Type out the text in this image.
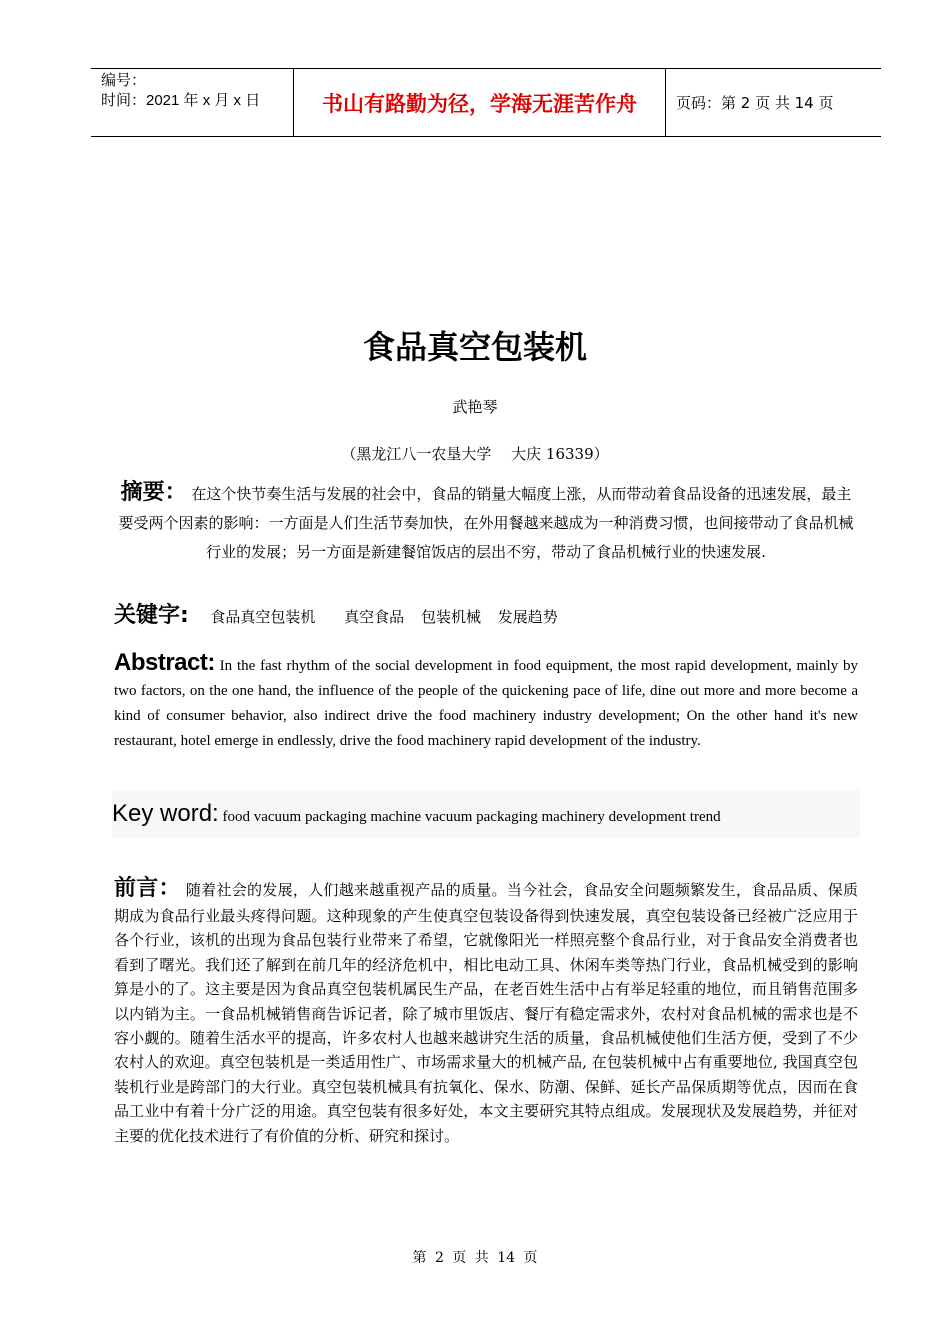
编号：
时间：2021 年 x 月 x 日	书山有路勤为径，学海无涯苦作舟	页码：第 2 页 共 14 页
食品真空包装机
武艳琴
（黑龙江八一农垦大学　 大庆 16339）
摘要： 在这个快节奏生活与发展的社会中，食品的销量大幅度上涨，从而带动着食品设备的迅速发展，最主要受两个因素的影响：一方面是人们生活节奏加快，在外用餐越来越成为一种消费习惯，也间接带动了食品机械行业的发展；另一方面是新建餐馆饭店的层出不穷，带动了食品机械行业的快速发展.
关键字: 食品真空包装机 真空食品 包装机械 发展趋势
Abstract: In the fast rhythm of the social development in food equipment, the most rapid development, mainly by two factors, on the one hand, the influence of the people of the quickening pace of life, dine out more and more become a kind of consumer behavior, also indirect drive the food machinery industry development; On the other hand it's new restaurant, hotel emerge in endlessly, drive the food machinery rapid development of the industry.
Key word: food vacuum packaging machine vacuum packaging machinery development trend
前言： 随着社会的发展，人们越来越重视产品的质量。当今社会，食品安全问题频繁发生，食品品质、保质期成为食品行业最头疼得问题。这种现象的产生使真空包装设备得到快速发展，真空包装设备已经被广泛应用于各个行业，该机的出现为食品包装行业带来了希望，它就像阳光一样照亮整个食品行业，对于食品安全消费者也看到了曙光。我们还了解到在前几年的经济危机中，相比电动工具、休闲车类等热门行业，食品机械受到的影响算是小的了。这主要是因为食品真空包装机属民生产品，在老百姓生活中占有举足轻重的地位，而且销售范围多以内销为主。一食品机械销售商告诉记者，除了城市里饭店、餐厅有稳定需求外，农村对食品机械的需求也是不容小觑的。随着生活水平的提高，许多农村人也越来越讲究生活的质量，食品机械使他们生活方便，受到了不少农村人的欢迎。真空包装机是一类适用性广、市场需求量大的机械产品, 在包装机械中占有重要地位, 我国真空包装机行业是跨部门的大行业。真空包装机械具有抗氧化、保水、防潮、保鲜、延长产品保质期等优点，因而在食品工业中有着十分广泛的用途。真空包装有很多好处，本文主要研究其特点组成。发展现状及发展趋势，并征对主要的优化技术进行了有价值的分析、研究和探讨。
第 2 页 共 14 页
